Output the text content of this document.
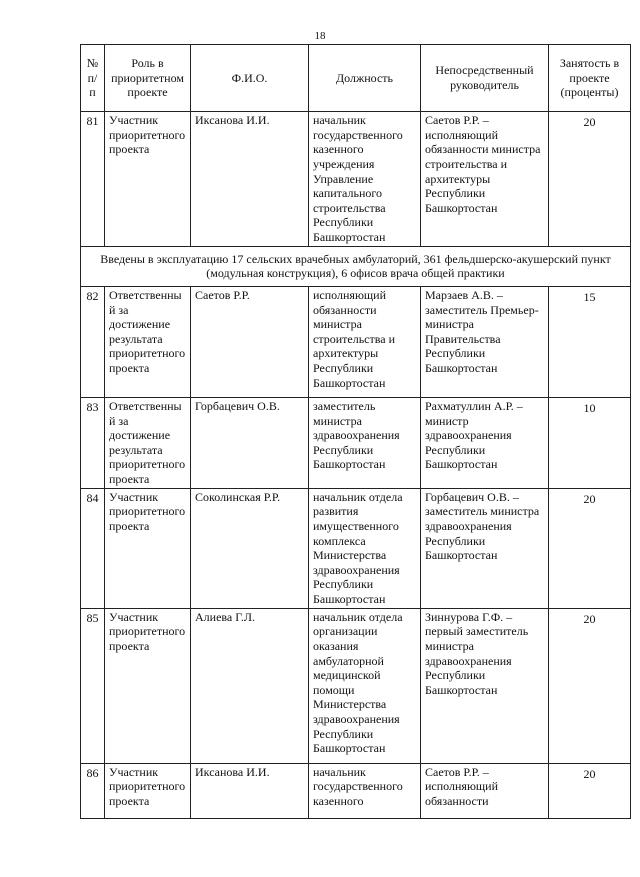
18
№ п/п	Роль в приоритетном проекте	Ф.И.О.	Должность	Непосредственный руководитель	Занятость в проекте (проценты)
81	Участник приоритетного проекта	Иксанова И.И.	начальник государственного казенного учреждения Управление капитального строительства Республики Башкортостан	Саетов Р.Р. – исполняющий обязанности министра строительства и архитектуры Республики Башкортостан	20
Введены в эксплуатацию 17 сельских врачебных амбулаторий, 361 фельдшерско-акушерский пункт (модульная конструкция), 6 офисов врача общей практики					
82	Ответственный за достижение результата приоритетного проекта	Саетов Р.Р.	исполняющий обязанности министра строительства и архитектуры Республики Башкортостан	Марзаев А.В. – заместитель Премьер-министра Правительства Республики Башкортостан	15
83	Ответственный за достижение результата приоритетного проекта	Горбацевич О.В.	заместитель министра здравоохранения Республики Башкортостан	Рахматуллин А.Р. – министр здравоохранения Республики Башкортостан	10
84	Участник приоритетного проекта	Соколинская Р.Р.	начальник отдела развития имущественного комплекса Министерства здравоохранения Республики Башкортостан	Горбацевич О.В. – заместитель министра здравоохранения Республики Башкортостан	20
85	Участник приоритетного проекта	Алиева Г.Л.	начальник отдела организации оказания амбулаторной медицинской помощи Министерства здравоохранения Республики Башкортостан	Зиннурова Г.Ф. – первый заместитель министра здравоохранения Республики Башкортостан	20
86	Участник приоритетного проекта	Иксанова И.И.	начальник государственного казенного	Саетов Р.Р. – исполняющий обязанности	20
